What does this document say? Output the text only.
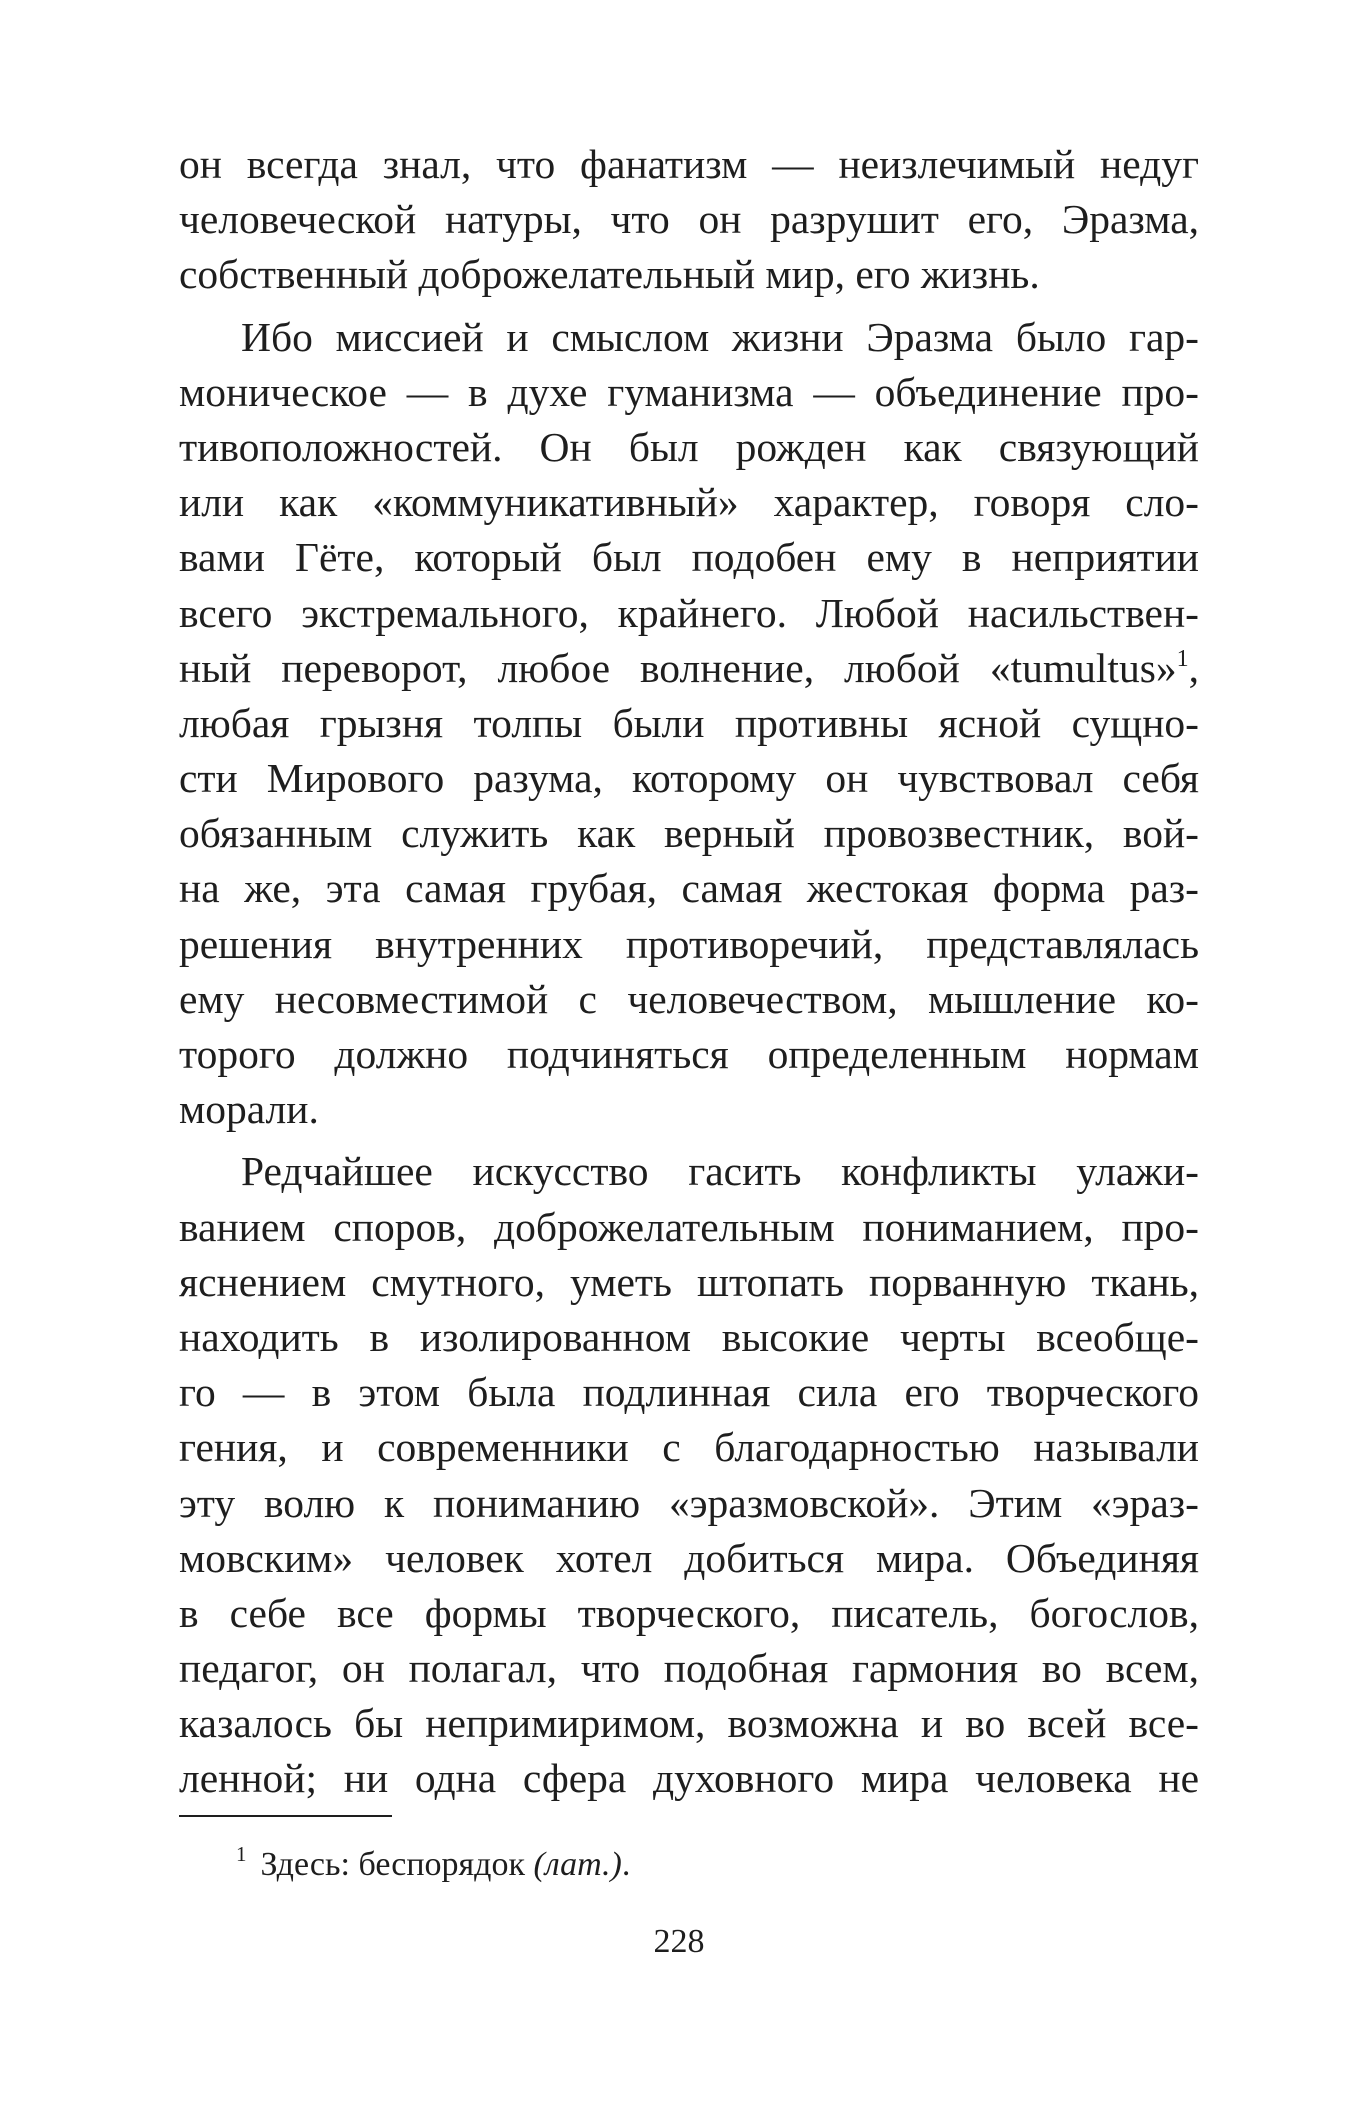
он всегда знал, что фанатизм — неизлечимый недуг
человеческой натуры, что он разрушит его, Эразма,
собственный доброжелательный мир, его жизнь.
Ибо миссией и смыслом жизни Эразма было гар-
моническое — в духе гуманизма — объединение про-
тивоположностей. Он был рожден как связующий
или как «коммуникативный» характер, говоря сло-
вами Гёте, который был подобен ему в неприятии
всего экстремального, крайнего. Любой насильствен-
ный переворот, любое волнение, любой «tumultus»$^1$,
любая грызня толпы были противны ясной сущно-
сти Мирового разума, которому он чувствовал себя
обязанным служить как верный провозвестник, вой-
на же, эта самая грубая, самая жестокая форма раз-
решения внутренних противоречий, представлялась
ему несовместимой с человечеством, мышление ко-
торого должно подчиняться определенным нормам
морали.
Редчайшее искусство гасить конфликты улажи-
ванием споров, доброжелательным пониманием, про-
яснением смутного, уметь штопать порванную ткань,
находить в изолированном высокие черты всеобще-
го — в этом была подлинная сила его творческого
гения, и современники с благодарностью называли
эту волю к пониманию «эразмовской». Этим «эраз-
мовским» человек хотел добиться мира. Объединяя
в себе все формы творческого, писатель, богослов,
педагог, он полагал, что подобная гармония во всем,
казалось бы непримиримом, возможна и во всей все-
ленной; ни одна сфера духовного мира человека не
$^1$ Здесь: беспорядок (лат.).
228
